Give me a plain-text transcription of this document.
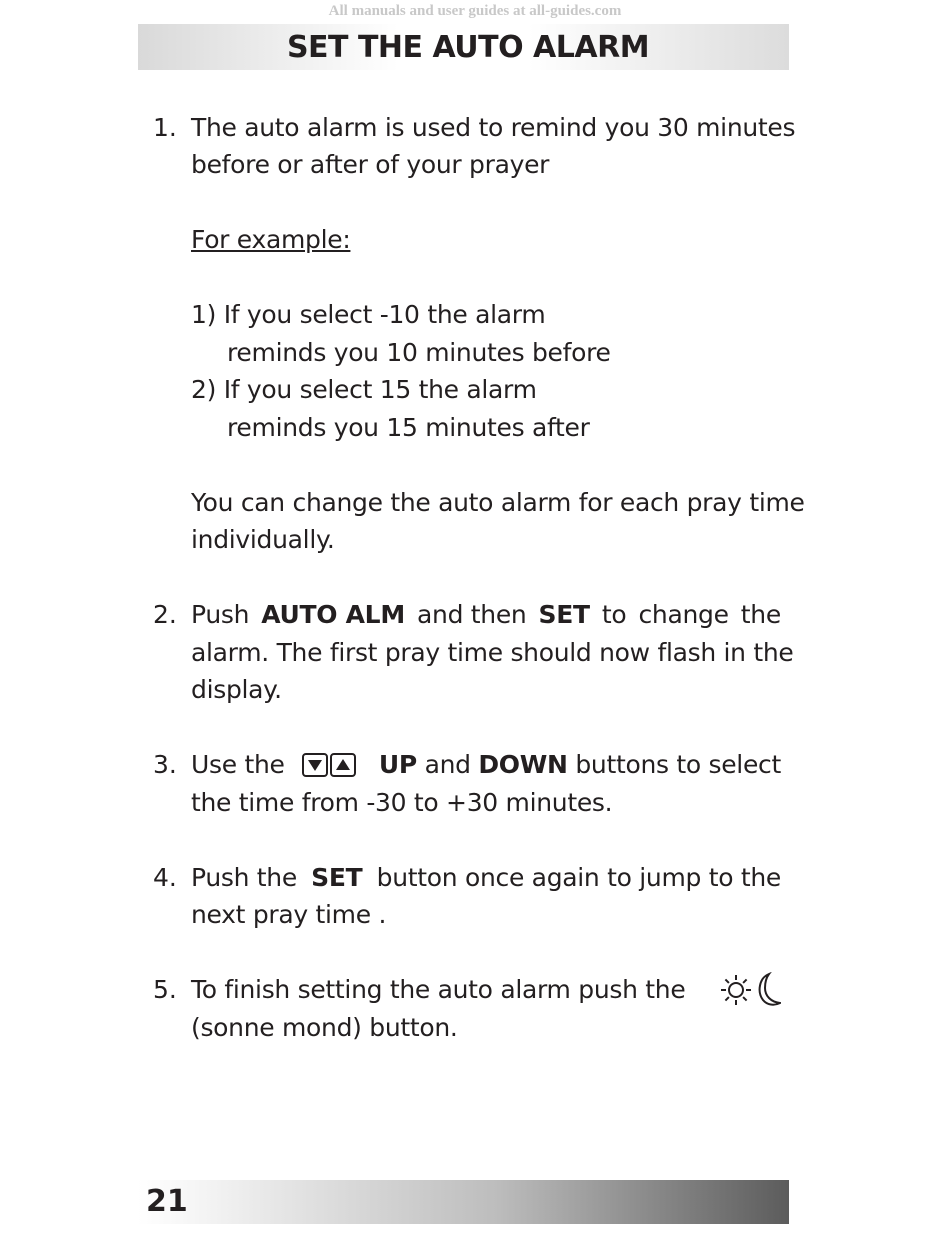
All manuals and user guides at all-guides.com
SET THE AUTO ALARM
1. The auto alarm is used to remind you 30 minutes
before or after of your prayer
For example:
1) If you select -10 the alarm
reminds you 10 minutes before
2) If you select 15 the alarm
reminds you 15 minutes after
You can change the auto alarm for each pray time
individually.
2. Push AUTO ALM and then SET to change the
alarm. The first pray time should now flash in the
display.
3. Use the	UP and DOWN buttons to select
the time from -30 to +30 minutes.
4. Push the SET button once again to jump to the
next pray time .
5. To finish setting the auto alarm push the
(sonne mond) button.
21
